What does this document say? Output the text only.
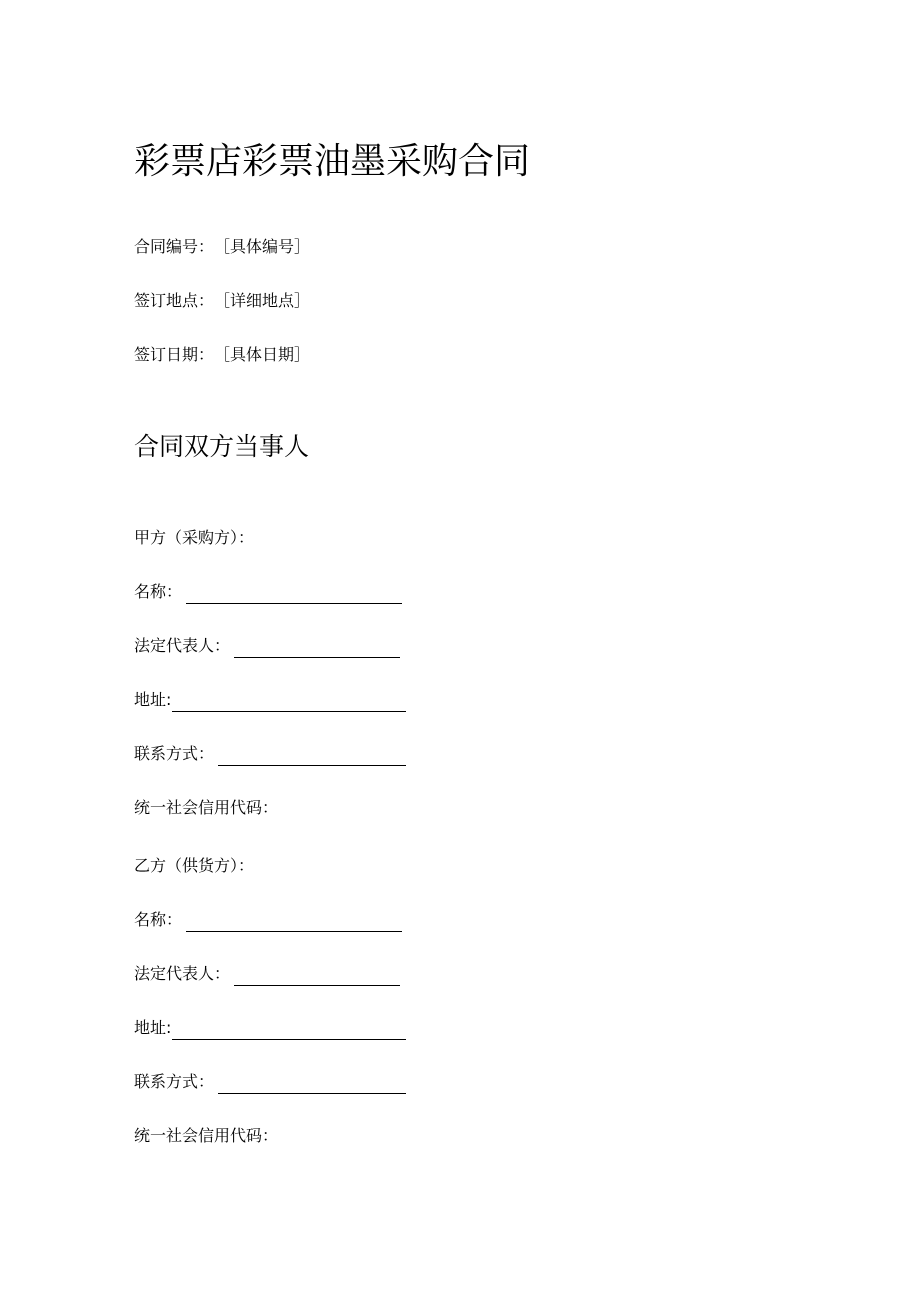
彩票店彩票油墨采购合同
合同编号： ［具体编号］
签订地点： ［详细地点］
签订日期： ［具体日期］
合同双方当事人
甲方（采购方）：
名称：
法定代表人：
地址:
联系方式：
统一社会信用代码：
乙方（供货方）：
名称：
法定代表人：
地址:
联系方式：
统一社会信用代码：
